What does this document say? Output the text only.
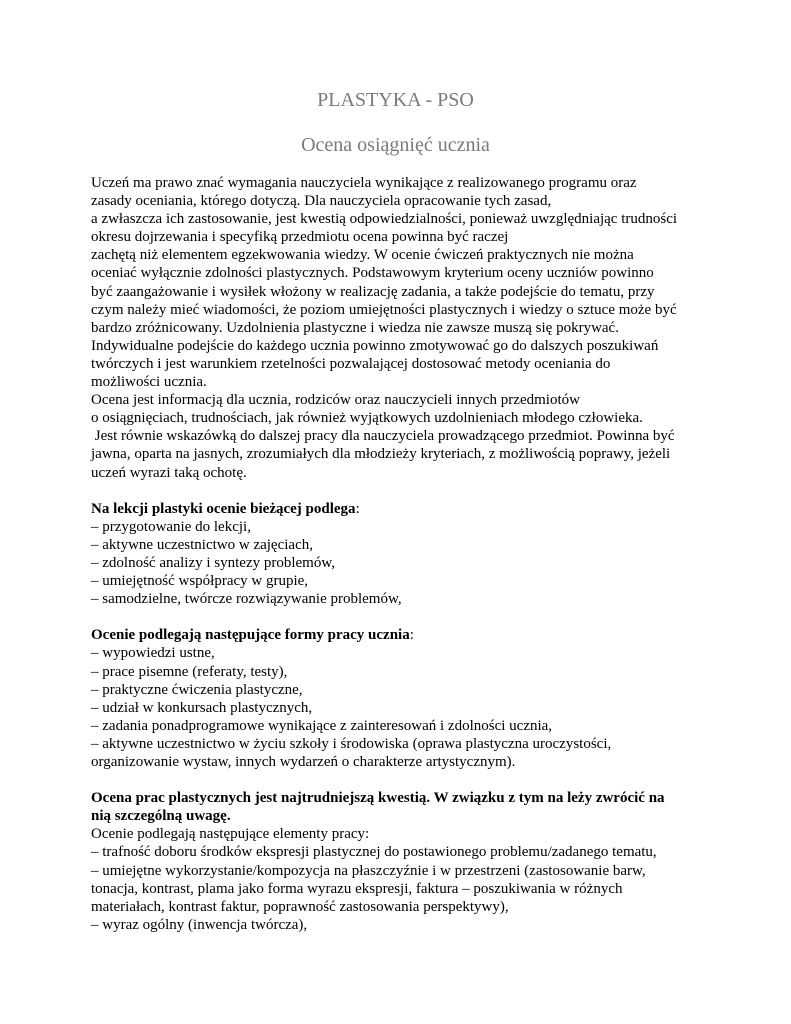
PLASTYKA - PSO
Ocena osiągnięć ucznia
Uczeń ma prawo znać wymagania nauczyciela wynikające z realizowanego programu oraz
zasady oceniania, którego dotyczą. Dla nauczyciela opracowanie tych zasad,
a zwłaszcza ich zastosowanie, jest kwestią odpowiedzialności, ponieważ uwzględniając trudności
okresu dojrzewania i specyfiką przedmiotu ocena powinna być raczej
zachętą niż elementem egzekwowania wiedzy. W ocenie ćwiczeń praktycznych nie można
oceniać wyłącznie zdolności plastycznych. Podstawowym kryterium oceny uczniów powinno
być zaangażowanie i wysiłek włożony w realizację zadania, a także podejście do tematu, przy
czym należy mieć wiadomości, że poziom umiejętności plastycznych i wiedzy o sztuce może być
bardzo zróżnicowany. Uzdolnienia plastyczne i wiedza nie zawsze muszą się pokrywać.
Indywidualne podejście do każdego ucznia powinno zmotywować go do dalszych poszukiwań
twórczych i jest warunkiem rzetelności pozwalającej dostosować metody oceniania do
możliwości ucznia.
Ocena jest informacją dla ucznia, rodziców oraz nauczycieli innych przedmiotów
o osiągnięciach, trudnościach, jak również wyjątkowych uzdolnieniach młodego człowieka.
Jest równie wskazówką do dalszej pracy dla nauczyciela prowadzącego przedmiot. Powinna być
jawna, oparta na jasnych, zrozumiałych dla młodzieży kryteriach, z możliwością poprawy, jeżeli
uczeń wyrazi taką ochotę.
Na lekcji plastyki ocenie bieżącej podlega:
– przygotowanie do lekcji,
– aktywne uczestnictwo w zajęciach,
– zdolność analizy i syntezy problemów,
– umiejętność współpracy w grupie,
– samodzielne, twórcze rozwiązywanie problemów,
Ocenie podlegają następujące formy pracy ucznia:
– wypowiedzi ustne,
– prace pisemne (referaty, testy),
– praktyczne ćwiczenia plastyczne,
– udział w konkursach plastycznych,
– zadania ponadprogramowe wynikające z zainteresowań i zdolności ucznia,
– aktywne uczestnictwo w życiu szkoły i środowiska (oprawa plastyczna uroczystości,
organizowanie wystaw, innych wydarzeń o charakterze artystycznym).
Ocena prac plastycznych jest najtrudniejszą kwestią. W związku z tym na leży zwrócić na
nią szczególną uwagę.
Ocenie podlegają następujące elementy pracy:
– trafność doboru środków ekspresji plastycznej do postawionego problemu/zadanego tematu,
– umiejętne wykorzystanie/kompozycja na płaszczyźnie i w przestrzeni (zastosowanie barw,
tonacja, kontrast, plama jako forma wyrazu ekspresji, faktura – poszukiwania w różnych
materiałach, kontrast faktur, poprawność zastosowania perspektywy),
– wyraz ogólny (inwencja twórcza),
